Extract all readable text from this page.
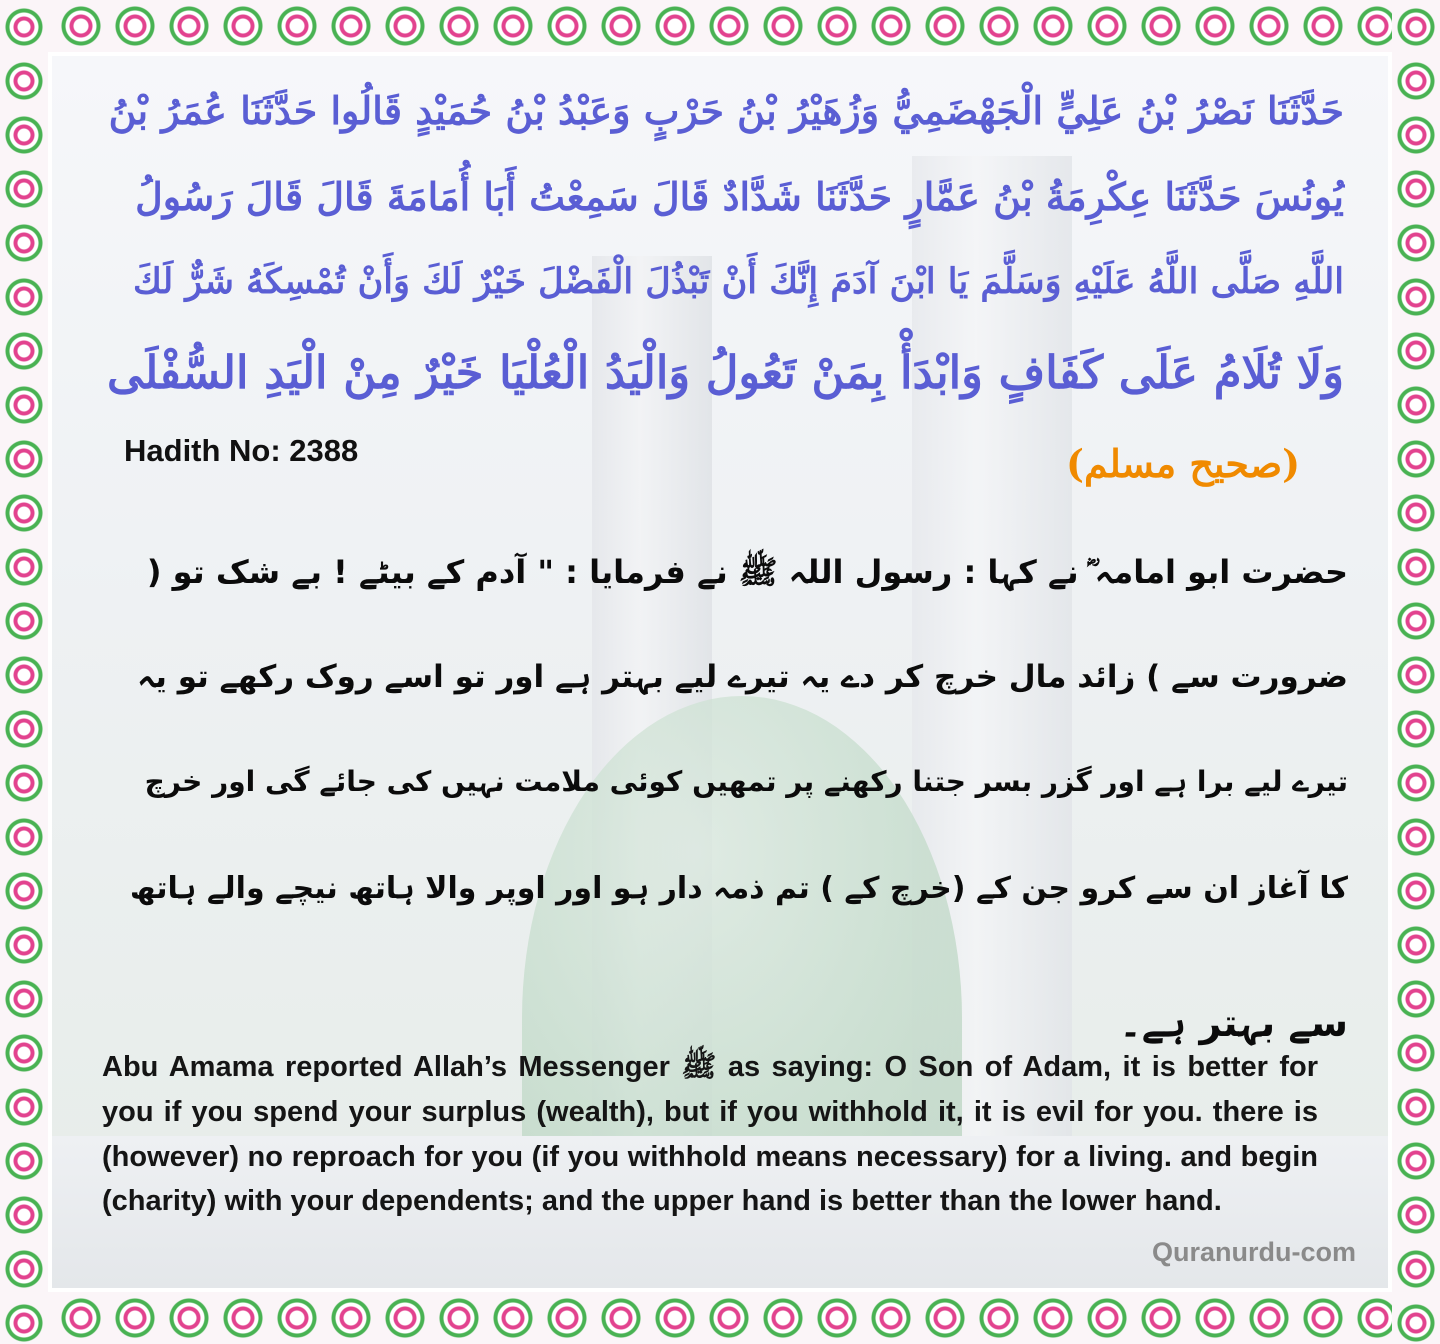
حَدَّثَنَا نَصْرُ بْنُ عَلِيٍّ الْجَهْضَمِيُّ وَزُهَيْرُ بْنُ حَرْبٍ وَعَبْدُ بْنُ حُمَيْدٍ قَالُوا حَدَّثَنَا عُمَرُ بْنُ
يُونُسَ حَدَّثَنَا عِكْرِمَةُ بْنُ عَمَّارٍ حَدَّثَنَا شَدَّادٌ قَالَ سَمِعْتُ أَبَا أُمَامَةَ قَالَ قَالَ رَسُولُ
اللَّهِ صَلَّى اللَّهُ عَلَيْهِ وَسَلَّمَ يَا ابْنَ آدَمَ إِنَّكَ أَنْ تَبْذُلَ الْفَضْلَ خَيْرٌ لَكَ وَأَنْ تُمْسِكَهُ شَرٌّ لَكَ
وَلَا تُلَامُ عَلَى كَفَافٍ وَابْدَأْ بِمَنْ تَعُولُ وَالْيَدُ الْعُلْيَا خَيْرٌ مِنْ الْيَدِ السُّفْلَى
Hadith No: 2388	(صحیح مسلم)
حضرت ابو امامہ ؓ نے کہا : رسول اللہ ﷺ نے فرمایا : " آدم کے بیٹے ! بے شک تو (
ضرورت سے ) زائد مال خرچ کر دے یہ تیرے لیے بہتر ہے اور تو اسے روک رکھے تو یہ
تیرے لیے برا ہے اور گزر بسر جتنا رکھنے پر تمھیں کوئی ملامت نہیں کی جائے گی اور خرچ
کا آغاز ان سے کرو جن کے (خرچ کے ) تم ذمہ دار ہو اور اوپر والا ہاتھ نیچے والے ہاتھ
سے بہتر ہے۔
Abu Amama reported Allah’s Messenger ﷺ as saying: O Son of Adam, it is better for you if you spend your surplus (wealth), but if you withhold it, it is evil for you. there is (however) no reproach for you (if you withhold means necessary) for a living. and begin (charity) with your dependents; and the upper hand is better than the lower hand.
Quranurdu-com
